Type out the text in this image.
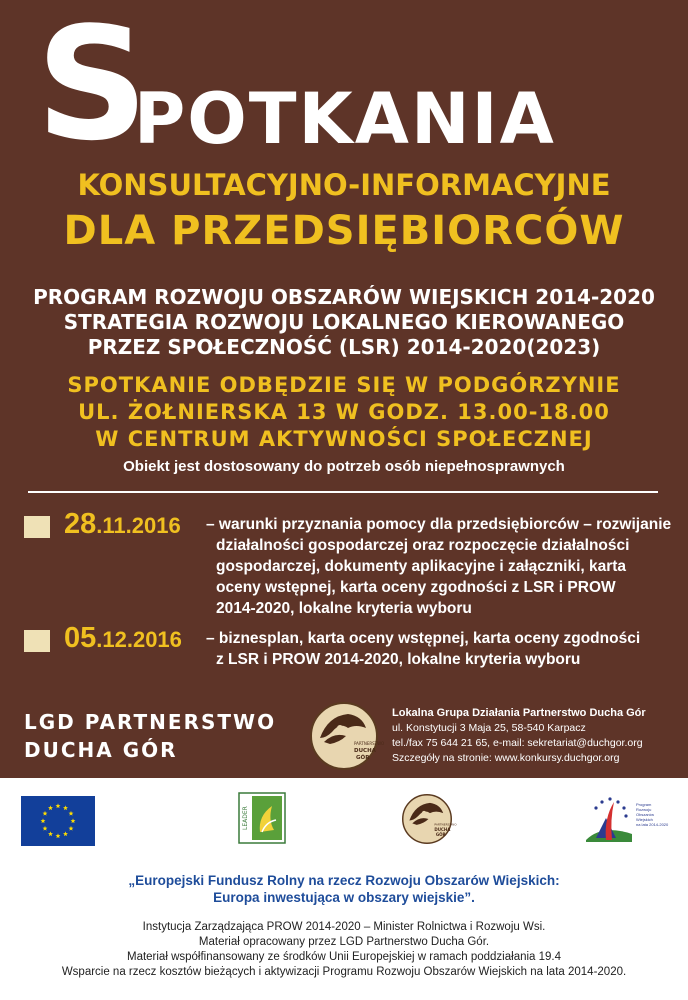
S
POTKANIA
KONSULTACYJNO-INFORMACYJNE
DLA PRZEDSIĘBIORCÓW
PROGRAM ROZWOJU OBSZARÓW WIEJSKICH 2014-2020
STRATEGIA ROZWOJU LOKALNEGO KIEROWANEGO
PRZEZ SPOŁECZNOŚĆ (LSR) 2014-2020(2023)
SPOTKANIE ODBĘDZIE SIĘ W PODGÓRZYNIE
UL. ŻOŁNIERSKA 13 W GODZ. 13.00-18.00
W CENTRUM AKTYWNOŚCI SPOŁECZNEJ
Obiekt jest dostosowany do potrzeb osób niepełnosprawnych
28.11.2016 – warunki przyznania pomocy dla przedsiębiorców – rozwijanie
działalności gospodarczej oraz rozpoczęcie działalności
gospodarczej, dokumenty aplikacyjne i załączniki, karta
oceny wstępnej, karta oceny zgodności z LSR i PROW
2014-2020, lokalne kryteria wyboru
05.12.2016 – biznesplan, karta oceny wstępnej, karta oceny zgodności
z LSR i PROW 2014-2020, lokalne kryteria wyboru
LGD PARTNERSTWO
DUCHA GÓR	PARTNERSTWO
DUCHA
GÓR
Lokalna Grupa Działania Partnerstwo Ducha Gór
ul. Konstytucji 3 Maja 25, 58-540 Karpacz
tel./fax 75 644 21 65, e-mail: sekretariat@duchgor.org
Szczegóły na stronie: www.konkursy.duchgor.org
LEADER	PARTNERSTWO
DUCHA
GÓR
Program
Rozwoju
Obszarów
Wiejskich
na lata 2014-2020
„Europejski Fundusz Rolny na rzecz Rozwoju Obszarów Wiejskich:
Europa inwestująca w obszary wiejskie”.
Instytucja Zarządzająca PROW 2014-2020 – Minister Rolnictwa i Rozwoju Wsi.
Materiał opracowany przez LGD Partnerstwo Ducha Gór.
Materiał współfinansowany ze środków Unii Europejskiej w ramach poddziałania 19.4
Wsparcie na rzecz kosztów bieżących i aktywizacji Programu Rozwoju Obszarów Wiejskich na lata 2014-2020.
